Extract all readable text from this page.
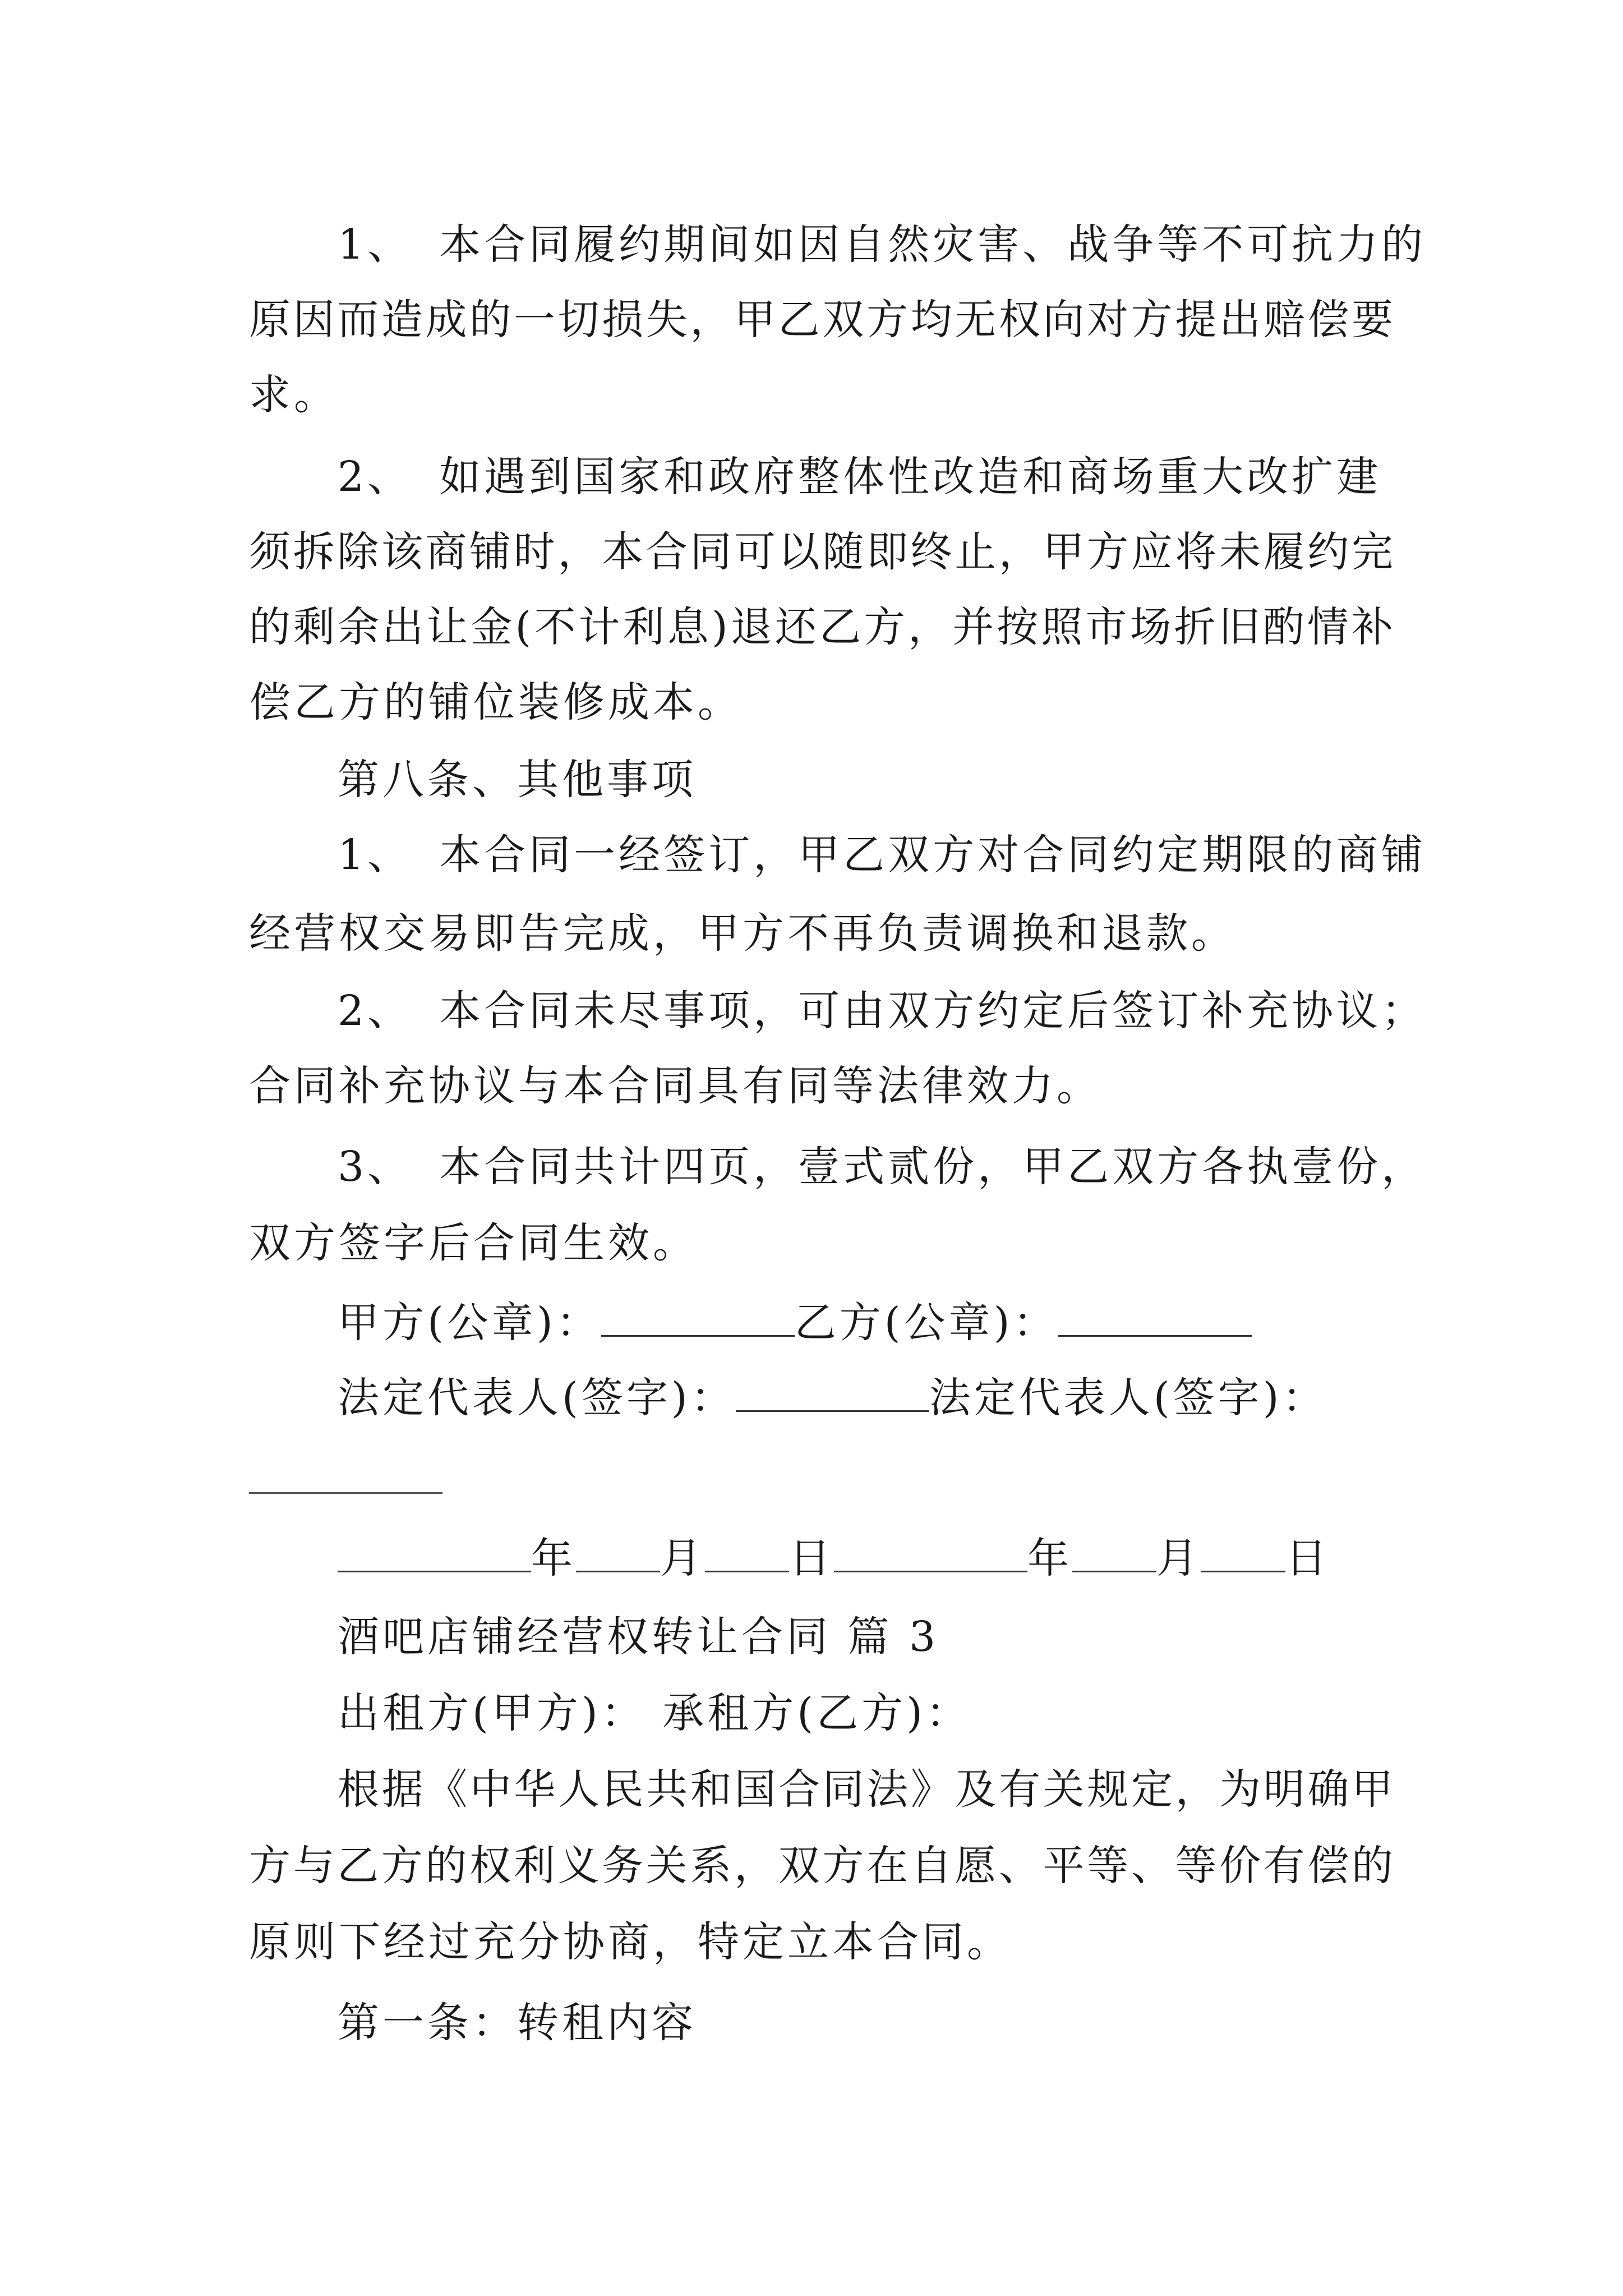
1、 本合同履约期间如因自然灾害、战争等不可抗力的
原因而造成的一切损失，甲乙双方均无权向对方提出赔偿要
求。
2、 如遇到国家和政府整体性改造和商场重大改扩建
须拆除该商铺时，本合同可以随即终止，甲方应将未履约完
的剩余出让金(不计利息)退还乙方，并按照市场折旧酌情补
偿乙方的铺位装修成本。
第八条、其他事项
1、 本合同一经签订，甲乙双方对合同约定期限的商铺
经营权交易即告完成，甲方不再负责调换和退款。
2、 本合同未尽事项，可由双方约定后签订补充协议；
合同补充协议与本合同具有同等法律效力。
3、 本合同共计四页，壹式贰份，甲乙双方各执壹份，
双方签字后合同生效。
甲方(公章)：	乙方(公章)：
法定代表人(签字)：	法定代表人(签字)：
年 月 日	年 月 日
酒吧店铺经营权转让合同 篇 3
出租方(甲方)： 承租方(乙方)：
根据《中华人民共和国合同法》及有关规定，为明确甲
方与乙方的权利义务关系，双方在自愿、平等、等价有偿的
原则下经过充分协商，特定立本合同。
第一条：转租内容
